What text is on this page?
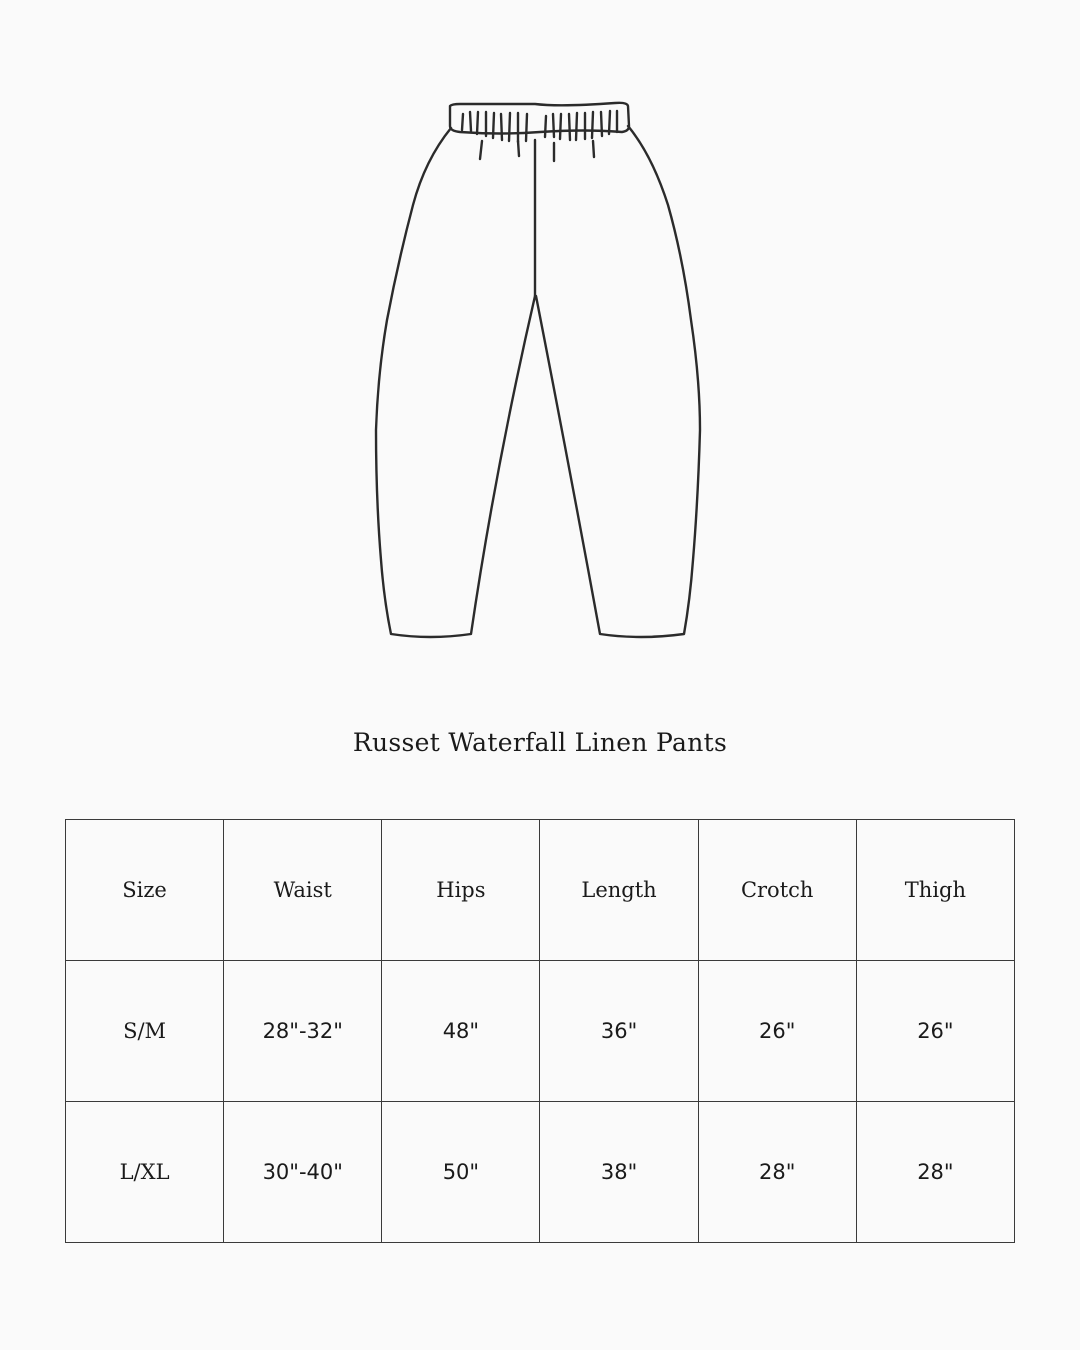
Russet Waterfall Linen Pants
Size	Waist	Hips	Length	Crotch	Thigh
S/M	28"-32"	48"	36"	26"	26"
L/XL	30"-40"	50"	38"	28"	28"
